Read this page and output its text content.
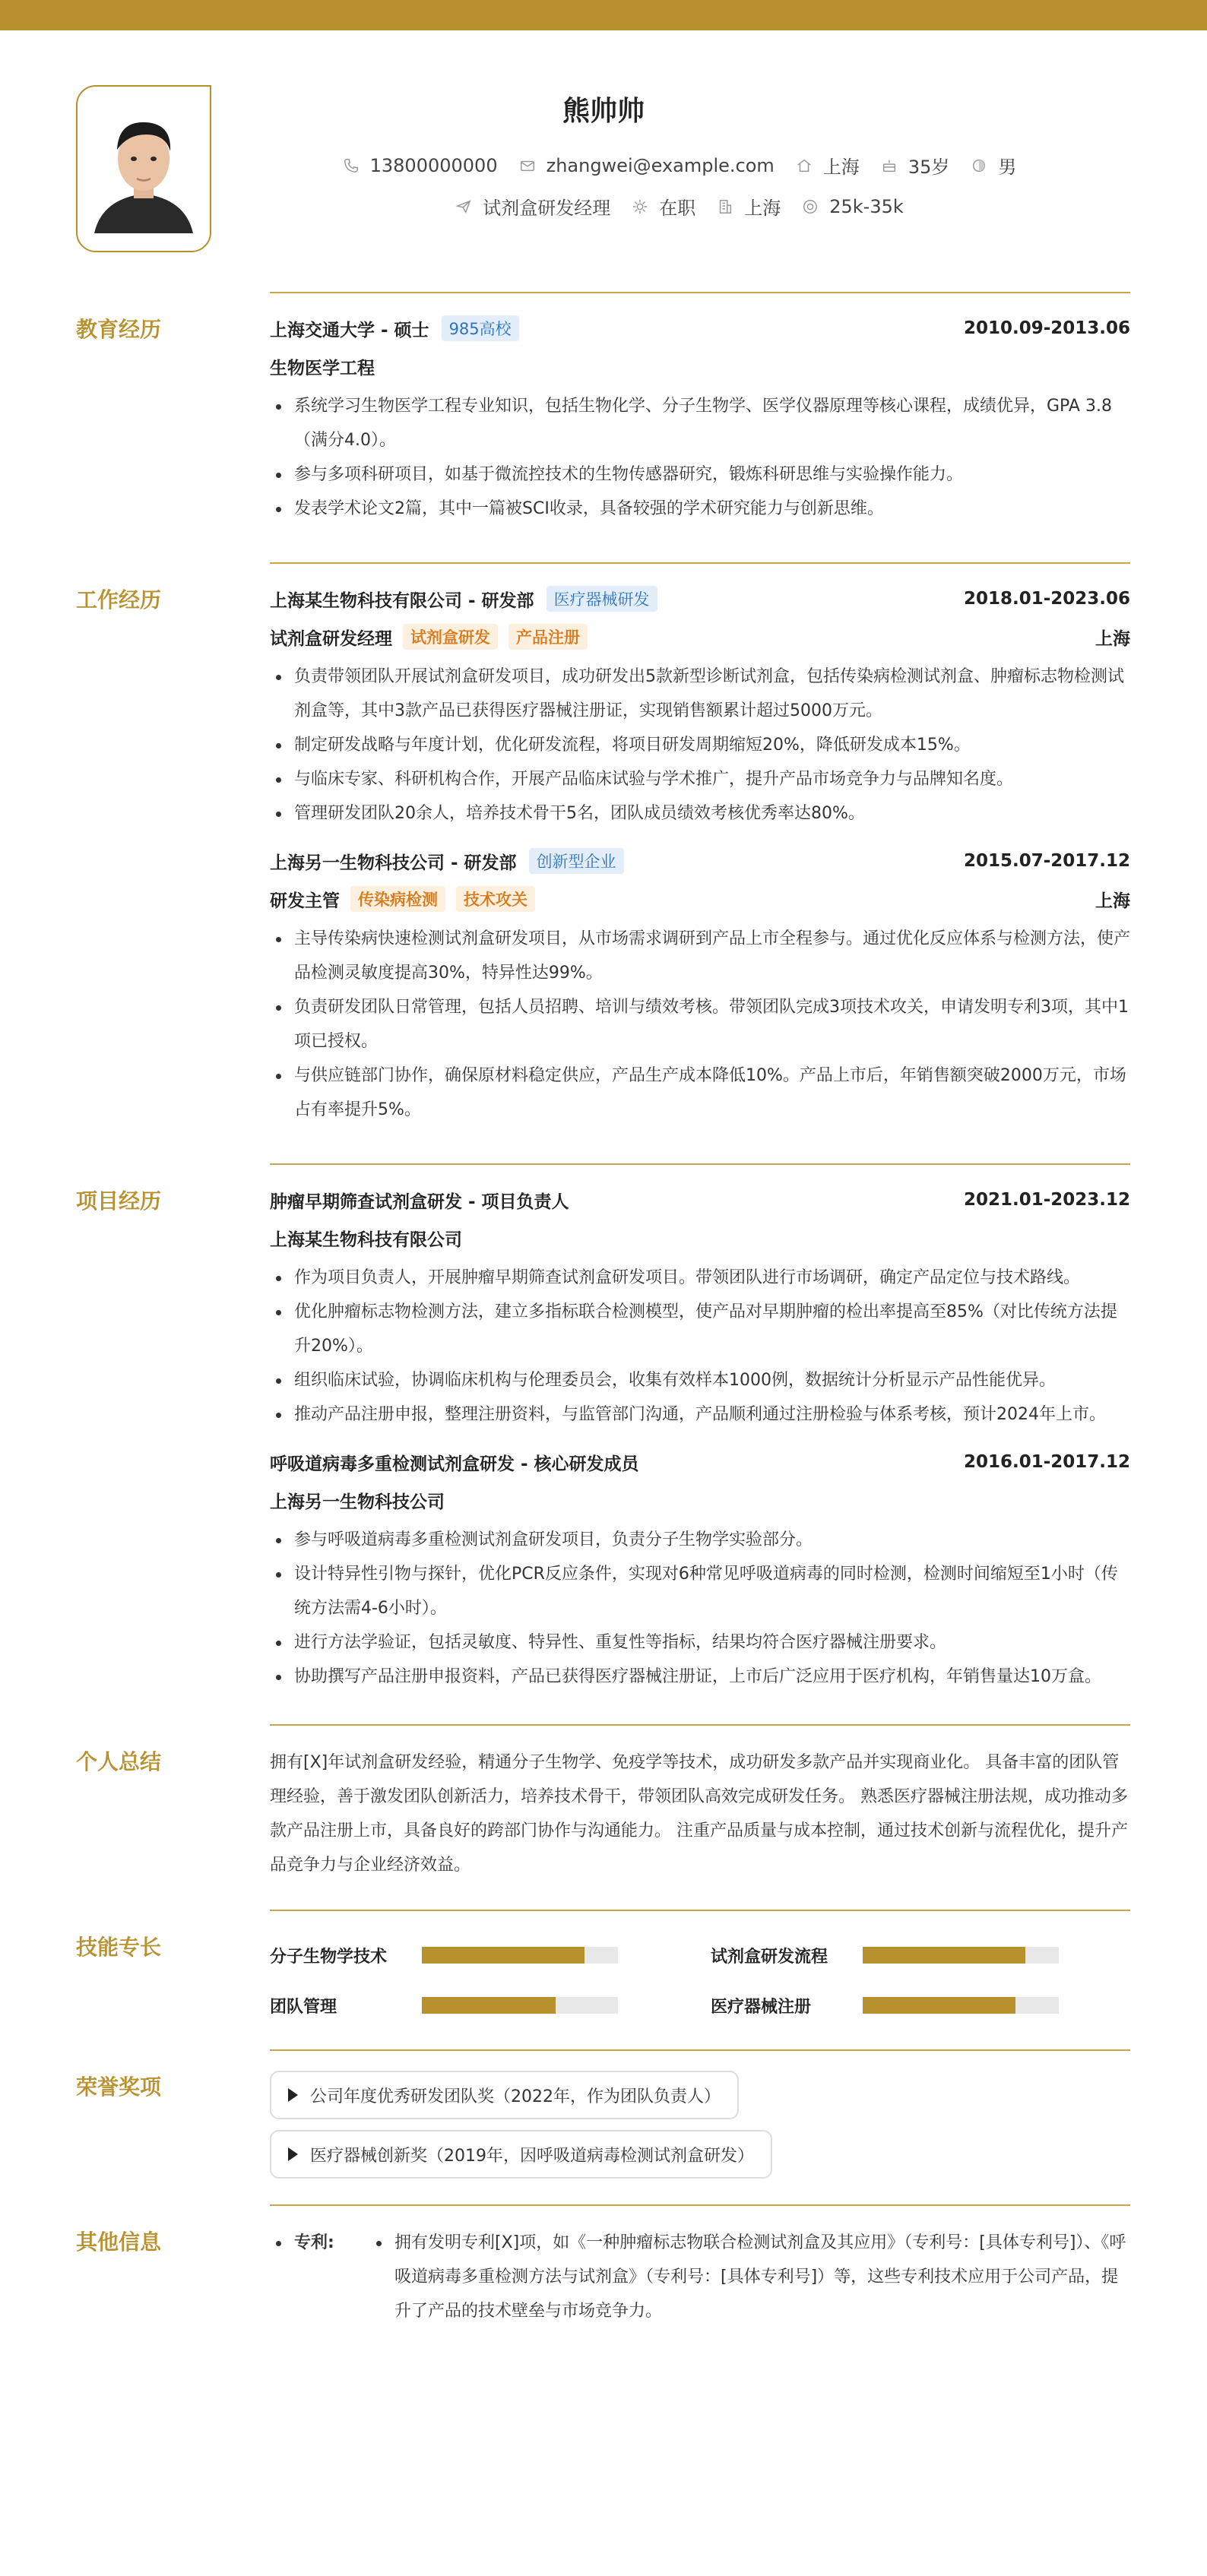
熊帅帅
13800000000	zhangwei@example.com	上海	35岁	男
试剂盒研发经理	在职	上海	25k-35k
教育经历	上海交通大学 - 硕士	985高校	2010.09-2013.06
生物医学工程
系统学习生物医学工程专业知识，包括生物化学、分子生物学、医学仪器原理等核心课程，成绩优异，GPA 3.8（满分4.0）。
参与多项科研项目，如基于微流控技术的生物传感器研究，锻炼科研思维与实验操作能力。
发表学术论文2篇，其中一篇被SCI收录，具备较强的学术研究能力与创新思维。
工作经历	上海某生物科技有限公司 - 研发部	医疗器械研发	2018.01-2023.06
试剂盒研发经理	试剂盒研发	产品注册	上海
负责带领团队开展试剂盒研发项目，成功研发出5款新型诊断试剂盒，包括传染病检测试剂盒、肿瘤标志物检测试剂盒等，其中3款产品已获得医疗器械注册证，实现销售额累计超过5000万元。
制定研发战略与年度计划，优化研发流程，将项目研发周期缩短20%，降低研发成本15%。
与临床专家、科研机构合作，开展产品临床试验与学术推广，提升产品市场竞争力与品牌知名度。
管理研发团队20余人，培养技术骨干5名，团队成员绩效考核优秀率达80%。
上海另一生物科技公司 - 研发部	创新型企业	2015.07-2017.12
研发主管	传染病检测	技术攻关	上海
主导传染病快速检测试剂盒研发项目，从市场需求调研到产品上市全程参与。通过优化反应体系与检测方法，使产品检测灵敏度提高30%，特异性达99%。
负责研发团队日常管理，包括人员招聘、培训与绩效考核。带领团队完成3项技术攻关，申请发明专利3项，其中1项已授权。
与供应链部门协作，确保原材料稳定供应，产品生产成本降低10%。产品上市后，年销售额突破2000万元，市场占有率提升5%。
项目经历	肿瘤早期筛查试剂盒研发 - 项目负责人	2021.01-2023.12
上海某生物科技有限公司
作为项目负责人，开展肿瘤早期筛查试剂盒研发项目。带领团队进行市场调研，确定产品定位与技术路线。
优化肿瘤标志物检测方法，建立多指标联合检测模型，使产品对早期肿瘤的检出率提高至85%（对比传统方法提升20%）。
组织临床试验，协调临床机构与伦理委员会，收集有效样本1000例，数据统计分析显示产品性能优异。
推动产品注册申报，整理注册资料，与监管部门沟通，产品顺利通过注册检验与体系考核，预计2024年上市。
呼吸道病毒多重检测试剂盒研发 - 核心研发成员	2016.01-2017.12
上海另一生物科技公司
参与呼吸道病毒多重检测试剂盒研发项目，负责分子生物学实验部分。
设计特异性引物与探针，优化PCR反应条件，实现对6种常见呼吸道病毒的同时检测，检测时间缩短至1小时（传统方法需4-6小时）。
进行方法学验证，包括灵敏度、特异性、重复性等指标，结果均符合医疗器械注册要求。
协助撰写产品注册申报资料，产品已获得医疗器械注册证，上市后广泛应用于医疗机构，年销售量达10万盒。
个人总结	拥有[X]年试剂盒研发经验，精通分子生物学、免疫学等技术，成功研发多款产品并实现商业化。 具备丰富的团队管理经验，善于激发团队创新活力，培养技术骨干，带领团队高效完成研发任务。 熟悉医疗器械注册法规，成功推动多款产品注册上市，具备良好的跨部门协作与沟通能力。 注重产品质量与成本控制，通过技术创新与流程优化，提升产品竞争力与企业经济效益。
技能专长	分子生物学技术	试剂盒研发流程
团队管理	医疗器械注册
荣誉奖项	公司年度优秀研发团队奖（2022年，作为团队负责人）

医疗器械创新奖（2019年，因呼吸道病毒检测试剂盒研发）
其他信息	专利:	拥有发明专利[X]项，如《一种肿瘤标志物联合检测试剂盒及其应用》（专利号：[具体专利号]）、《呼吸道病毒多重检测方法与试剂盒》（专利号：[具体专利号]）等，这些专利技术应用于公司产品，提升了产品的技术壁垒与市场竞争力。
